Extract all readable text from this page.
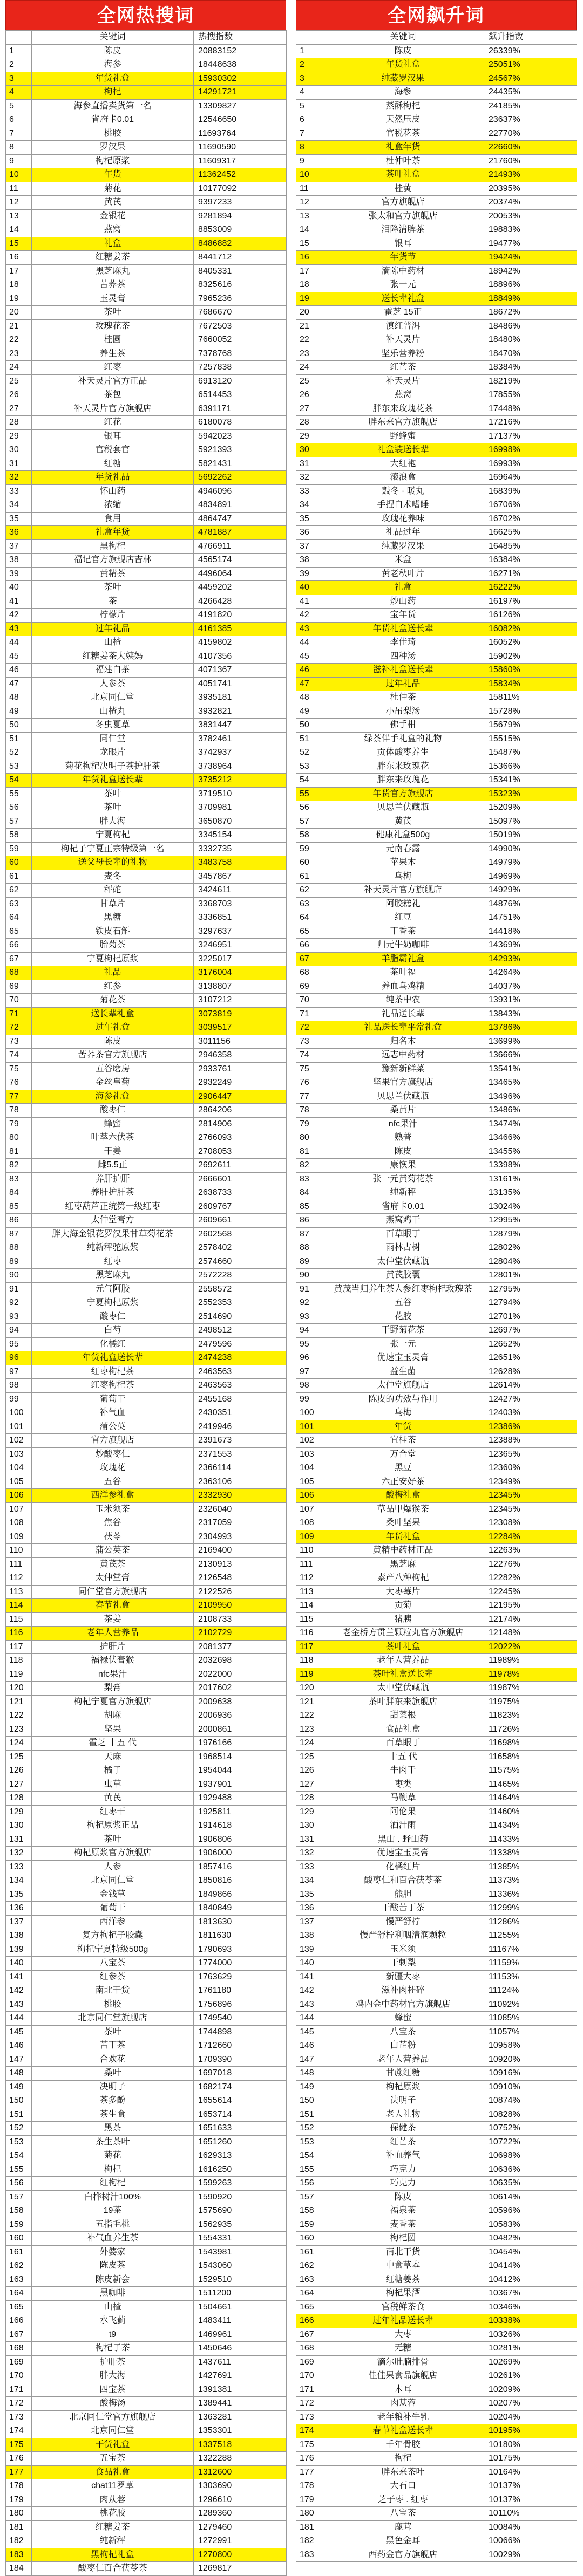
全网热搜词
	关键词	热搜指数
1	陈皮	20883152
2	海参	18448638
3	年货礼盒	15930302
4	枸杞	14291721
5	海参直播卖货第一名	13309827
6	省府卡0.01	12546650
7	桃胶	11693764
8	罗汉果	11690590
9	枸杞原浆	11609317
10	年货	11362452
11	菊花	10177092
12	黄芪	9397233
13	金银花	9281894
14	燕窝	8853009
15	礼盒	8486882
16	红糖姜茶	8441712
17	黑芝麻丸	8405331
18	苦荞茶	8325616
19	玉灵膏	7965236
20	茶叶	7686670
21	玫瑰花茶	7672503
22	桂圆	7660052
23	养生茶	7378768
24	红枣	7257838
25	补天灵片官方正品	6913120
26	茶包	6514453
27	补天灵片官方旗舰店	6391171
28	红花	6180078
29	银耳	5942023
30	官税套官	5921393
31	红糖	5821431
32	年货礼品	5692262
33	怀山药	4946096
34	浓缩	4834891
35	食用	4864747
36	礼盒年货	4781887
37	黑枸杞	4766911
38	福记官方旗舰店吉林	4565174
39	黄精茶	4496064
40	茶叶	4459202
41	茶	4266428
42	柠檬片	4191820
43	过年礼品	4161385
44	山楂	4159802
45	红糖姜茶大姨妈	4107356
46	福建白茶	4071367
47	人参茶	4051741
48	北京同仁堂	3935181
49	山楂丸	3932821
50	冬虫夏草	3831447
51	同仁堂	3782461
52	龙眼片	3742937
53	菊花枸杞决明子茶护肝茶	3738964
54	年货礼盒送长辈	3735212
55	茶叶	3719510
56	茶叶	3709981
57	胖大海	3650870
58	宁夏枸杞	3345154
59	枸杞子宁夏正宗特级第一名	3332735
60	送父母长辈的礼物	3483758
61	麦冬	3457867
62	秤砣	3424611
63	甘草片	3368703
64	黑糖	3336851
65	铁皮石斛	3297637
66	胎菊茶	3246951
67	宁夏枸杞原浆	3225017
68	礼品	3176004
69	红参	3138807
70	菊花茶	3107212
71	送长辈礼盒	3073819
72	过年礼盒	3039517
73	陈皮	3011156
74	苦荞茶官方旗舰店	2946358
75	五谷磨房	2933761
76	金丝皇菊	2932249
77	海参礼盒	2906447
78	酸枣仁	2864206
79	蜂蜜	2814906
80	叶萃六伏茶	2766093
81	干姜	2708053
82	雌5.5正	2692611
83	养肝护肝	2666601
84	养肝护肝茶	2638733
85	红枣葫芦正统第一级红枣	2609767
86	太仲堂膏方	2609661
87	胖大海金银花罗汉果甘草菊花茶	2602568
88	纯新秤驼原浆	2578402
89	红枣	2574660
90	黑芝麻丸	2572228
91	元气阿胶	2558572
92	宁夏枸杞原浆	2552353
93	酸枣仁	2514690
94	白芍	2498512
95	化橘红	2479596
96	年货礼盒送长辈	2474238
97	红枣枸杞茶	2463563
98	红枣枸杞茶	2463563
99	葡萄干	2455168
100	补气血	2430351
101	蒲公英	2419946
102	官方旗舰店	2391673
103	炒酸枣仁	2371553
104	玫瑰花	2366114
105	五谷	2363106
106	西洋参礼盒	2332930
107	玉米须茶	2326040
108	焦谷	2317059
109	茯苓	2304993
110	蒲公英茶	2169400
111	黄芪茶	2130913
112	太仲堂膏	2126548
113	同仁堂官方旗舰店	2122526
114	春节礼盒	2109950
115	茶姜	2108733
116	老年人营养品	2102729
117	护肝片	2081377
118	福禄伏膏猴	2032698
119	nfc果汁	2022000
120	梨膏	2017602
121	枸杞宁夏官方旗舰店	2009638
122	胡麻	2006936
123	坚果	2000861
124	霍芝 十五 代	1976166
125	天麻	1968514
126	橘子	1954044
127	虫草	1937901
128	黄芪	1929488
129	红枣干	1925811
130	枸杞原浆正品	1914618
131	茶叶	1906806
132	枸杞原浆官方旗舰店	1906000
133	人参	1857416
134	北京同仁堂	1850816
135	金钱草	1849866
136	葡萄干	1840849
137	西洋参	1813630
138	复方枸杞子胶囊	1811630
139	枸杞宁夏特级500g	1790693
140	八宝茶	1774000
141	红参茶	1763629
142	南北干货	1761180
143	桃胶	1756896
144	北京同仁堂旗舰店	1749540
145	茶叶	1744898
146	苦丁茶	1712660
147	合欢花	1709390
148	桑叶	1697018
149	决明子	1682174
150	茶多酚	1655614
151	茶生食	1653714
152	黑茶	1651633
153	茶生茶叶	1651260
154	菊花	1629313
155	枸杞	1616250
156	红枸杞	1599263
157	白桦树汁100%	1590920
158	19茶	1575690
159	五指毛桃	1562935
160	补气血养生茶	1554331
161	外婆家	1543981
162	陈皮茶	1543060
163	陈皮新会	1529510
164	黑咖啡	1511200
165	山楂	1504661
166	水飞蓟	1483411
167	t9	1469961
168	枸杞子茶	1450646
169	护肝茶	1437611
170	胖大海	1427691
171	四宝茶	1391381
172	酸梅汤	1389441
173	北京同仁堂官方旗舰店	1363281
174	北京同仁堂	1353301
175	干货礼盒	1337518
176	五宝茶	1322288
177	食品礼盒	1312600
178	chat11罗草	1303690
179	肉苁蓉	1296610
180	桃花胶	1289360
181	红糖姜茶	1279460
182	纯新秤	1272991
183	黑枸杞礼盒	1270800
184	酸枣仁百合茯苓茶	1269817
全网飙升词
	关键词	飙升指数
1	陈皮	26339%
2	年货礼盒	25051%
3	纯藏罗汉果	24567%
4	海参	24435%
5	蒸酥枸杞	24185%
6	天然压皮	23637%
7	官税花茶	22770%
8	礼盒年货	22660%
9	杜仲叶茶	21760%
10	茶叶礼盒	21493%
11	桂黄	20395%
12	官方旗舰店	20374%
13	张太和官方旗舰店	20053%
14	泪降清脾茶	19883%
15	银耳	19477%
16	年货节	19424%
17	滴陈中药材	18942%
18	张一元	18896%
19	送长辈礼盒	18849%
20	霍芝 15正	18672%
21	滇红普洱	18486%
22	补天灵片	18480%
23	坚乐营养粉	18470%
24	红芒茶	18384%
25	补天灵片	18219%
26	燕窝	17855%
27	胖东来玫瑰花茶	17448%
28	胖东来官方旗舰店	17216%
29	野蜂蜜	17137%
30	礼盒装送长辈	16998%
31	大红袍	16993%
32	滚浪盒	16964%
33	鼓冬 · 暖丸	16839%
34	手捏白术嗜睡	16706%
35	玫瑰花养味	16702%
36	礼品过年	16625%
37	纯藏罗汉果	16485%
38	米盒	16384%
39	黄老秋叶片	16271%
40	礼盒	16222%
41	炒山药	16197%
42	宝年货	16126%
43	年货礼盒送长辈	16082%
44	李佳琦	16052%
45	四种汤	15902%
46	滋补礼盒送长辈	15860%
47	过年礼品	15834%
48	杜仲茶	15811%
49	小吊梨汤	15728%
50	佛手柑	15679%
51	绿茶伴手礼盒的礼物	15515%
52	贡体酸枣养生	15487%
53	胖东来玫瑰花	15366%
54	胖东来玫瑰花	15341%
55	年货官方旗舰店	15323%
56	贝思兰伏藏瓶	15209%
57	黄芪	15097%
58	健康礼盒500g	15019%
59	元南春露	14990%
60	苹果木	14979%
61	乌梅	14969%
62	补天灵片官方旗舰店	14929%
63	阿胶糕礼	14876%
64	红豆	14751%
65	丁香茶	14418%
66	归元牛奶咖啡	14369%
67	羊脂霸礼盒	14293%
68	茶叶福	14264%
69	养血乌鸡精	14037%
70	纯茶中农	13931%
71	礼品送长辈	13843%
72	礼品送长辈平常礼盒	13786%
73	归名木	13699%
74	远志中药材	13666%
75	豫新新鲜菜	13541%
76	坚果官方旗舰店	13465%
77	贝思兰伏藏瓶	13496%
78	桑黄片	13486%
79	nfc果汁	13474%
80	熟普	13466%
81	陈皮	13455%
82	康恢果	13398%
83	张一元黄菊花茶	13161%
84	纯新秤	13135%
85	省府卡0.01	13024%
86	燕窝鸡干	12995%
87	百草眼丁	12879%
88	雨林古树	12802%
89	太仲堂伏藏瓶	12804%
90	黄芪胶囊	12801%
91	黄茂当归养生茶人参红枣枸杞玫瑰茶	12795%
92	五谷	12794%
93	花胶	12701%
94	干野菊花茶	12697%
95	张一元	12652%
96	优速宝玉灵膏	12651%
97	益生菌	12628%
98	太仲堂旗舰店	12614%
99	陈皮的功效与作用	12427%
100	乌梅	12403%
101	年货	12386%
102	宜桂茶	12388%
103	万合堂	12365%
104	黑豆	12360%
105	六正安好茶	12349%
106	酸梅礼盒	12345%
107	草品甲爆猴茶	12345%
108	桑叶坚果	12308%
109	年货礼盒	12284%
110	黄精中药材正品	12263%
111	黑芝麻	12276%
112	素产八种枸杞	12282%
113	大枣莓片	12245%
114	贡菊	12195%
115	猪胰	12174%
116	老金桥方贯兰颗粒丸官方旗舰店	12148%
117	茶叶礼盒	12022%
118	老年人营养品	11989%
119	茶叶礼盒送长辈	11978%
120	太中堂伏藏瓶	11987%
121	茶叶胖东来旗舰店	11975%
122	甜菜根	11823%
123	食品礼盒	11726%
124	百草眼丁	11698%
125	十五 代	11658%
126	牛肉干	11575%
127	枣类	11465%
128	马鞭草	11464%
129	阿伦果	11460%
130	酒汁雨	11434%
131	黑山 . 野山药	11433%
132	优速宝玉灵膏	11338%
133	化橘红片	11385%
134	酸枣仁和百合茯苓茶	11373%
135	熊胆	11336%
136	干酸苦丁茶	11299%
137	慢严舒柠	11286%
138	慢严舒柠利咽清润颗粒	11255%
139	玉米须	11167%
140	干刺梨	11159%
141	新疆大枣	11153%
142	滋补肉桂碎	11124%
143	鸡内金中药材官方旗舰店	11092%
144	蜂蜜	11085%
145	八宝茶	11057%
146	白芷粉	10958%
147	老年人营养品	10920%
148	甘蔗红糖	10916%
149	枸杞原浆	10910%
150	决明子	10874%
151	老人礼物	10828%
152	保健茶	10752%
153	红芒茶	10722%
154	补血养气	10698%
155	巧克力	10636%
156	巧克力	10635%
157	陈皮	10614%
158	福泉茶	10596%
159	麦香茶	10583%
160	枸杞圆	10482%
161	南北干货	10454%
162	中食草本	10414%
163	红糖姜茶	10412%
164	枸杞果酒	10367%
165	官税鲜茶食	10346%
166	过年礼品送长辈	10338%
167	大枣	10326%
168	无糖	10281%
169	滴尔肚腩排骨	10269%
170	佳佳果食品旗舰店	10261%
171	木耳	10209%
172	肉苁蓉	10207%
173	老年粮补牛乳	10204%
174	春节礼盒送长辈	10195%
175	千年骨胶	10180%
176	枸杞	10175%
177	胖东来茶叶	10164%
178	大石口	10137%
179	芝子枣 . 红枣	10137%
180	八宝茶	10110%
181	鹿茸	10084%
182	黑色金耳	10066%
183	西药金官方旗舰店	10029%
